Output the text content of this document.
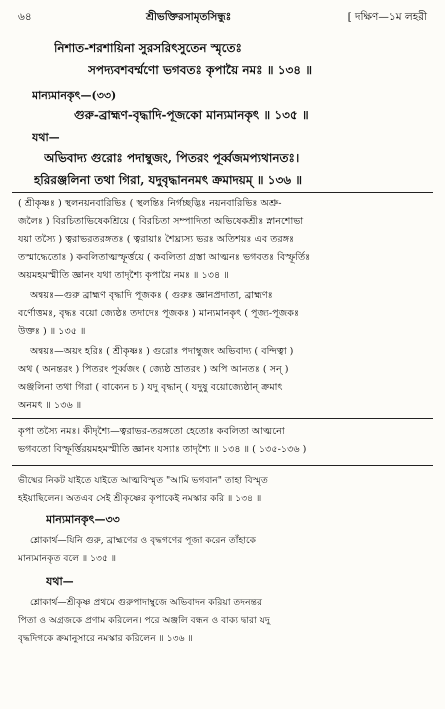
৬৪	শ্রীভক্তিরসামৃতসিন্ধুঃ	[ দক্ষিণ—১ম লহরী
নিশাত-শরশায়িনা সুরসরিৎসুতেন স্মৃতেঃ
সপদ্যবশবর্ম্মণো ভগবতঃ কৃপায়ৈ নমঃ ॥ ১৩৪ ॥
মান্যমানকৃৎ—(৩৩)
গুরু-ব্রাহ্মণ-বৃদ্ধাদি-পূজকো মান্যমানকৃৎ ॥ ১৩৫ ॥
যথা—
অভিবাদ্য গুরোঃ পদাম্বুজং, পিতরং পূর্ব্বজমপ্যথানতঃ।
হরিরঞ্জলিনা তথা গিরা, যদুবৃদ্ধাননমৎ ক্রমাদয়ম্ ॥ ১৩৬ ॥
( শ্রীকৃষ্ণঃ ) স্থলনয়নবারিভিঃ ( স্থলন্তিঃ নির্গচ্ছদ্ভিঃ নয়নবারিভিঃ অশ্রু-
জলৈঃ ) বিরচিতাভিষেকশ্রিয়ে ( বিরচিতা সম্পাদিতা অভিষেকশ্রীঃ স্নানশোভা
যয়া তস্যৈ ) ত্বরাভরতরঙ্গতঃ ( ত্বরায়াঃ শৈঘ্র্যস্য ভরঃ অতিশয়ঃ এব তরঙ্গঃ
তস্মাদ্ধেতোঃ ) কবলিতাত্মস্ফূর্ত্তয়ে ( কবলিতা গ্রস্তা আত্মনঃ ভগবতঃ বিস্ফূর্তিঃ
অয়মহমস্মীতি জ্ঞানং যথা তাদৃশ্যৈ কৃপায়ৈ নমঃ ॥ ১৩৪ ॥
অন্বয়ঃ—গুরু ব্রাহ্মণ বৃদ্ধাদি পূজকঃ ( গুরুঃ জ্ঞানপ্রদাতা, ব্রাহ্মণঃ
বর্ণোত্তমঃ, বৃদ্ধঃ বয়ো জ্যেষ্ঠঃ তদাদেঃ পূজকঃ ) মান্যমানকৃৎ ( পূজ্য-পূজকঃ
উক্তঃ ) ॥ ১৩৫ ॥
অন্বয়ঃ—অয়ং হরিঃ ( শ্রীকৃষ্ণঃ ) গুরোঃ পদাম্বুজং অভিবাদ্য ( বন্দিত্বা )
অথ ( অনন্তরং ) পিতরং পূর্ব্বজং ( জ্যেষ্ঠ ভ্রাতরং ) অপি আনতঃ ( সন্ )
অঞ্জলিনা তথা গিরা ( বাক্যেন চ ) যদু বৃদ্ধান্ ( যদুষু বয়োজ্যেষ্ঠান্ ক্রমাৎ
অনমৎ ॥ ১৩৬ ॥
কৃপা তস্যৈ নমঃ। কীদৃশ্যৈ—ত্বরাভর-তরঙ্গতো হেতোঃ কবলিতা আত্মনো
ভগবতো বিস্ফূর্ত্তিরয়মহমস্মীতি জ্ঞানং যস্যাঃ তাদৃশ্যৈ ॥ ১৩৪ ॥ ( ১৩৫-১৩৬ )
ভীষ্মের নিকট যাইতে যাইতে আত্মবিস্মৃত "আমি ভগবান" তাহা বিস্মৃত
হইয়াছিলেন। অতএব সেই শ্রীকৃষ্ণের কৃপাকেই নমস্কার করি ॥ ১৩৪ ॥
মান্যমানকৃৎ—৩৩
শ্লোকার্থ—যিনি গুরু, ব্রাহ্মণের ও বৃদ্ধগণের পূজা করেন তাঁহাকে
মান্যমানকৃত বলে ॥ ১৩৫ ॥
যথা—
শ্লোকার্থ—শ্রীকৃষ্ণ প্রথমে গুরুপাদাম্বুজে অভিবাদন করিয়া তদনন্তর
পিতা ও অগ্রজকে প্রণাম করিলেন। পরে অঞ্জলি বন্ধন ও বাক্য দ্বারা যদু
বৃদ্ধদিগকে ক্রমানুসারে নমস্কার করিলেন ॥ ১৩৬ ॥
